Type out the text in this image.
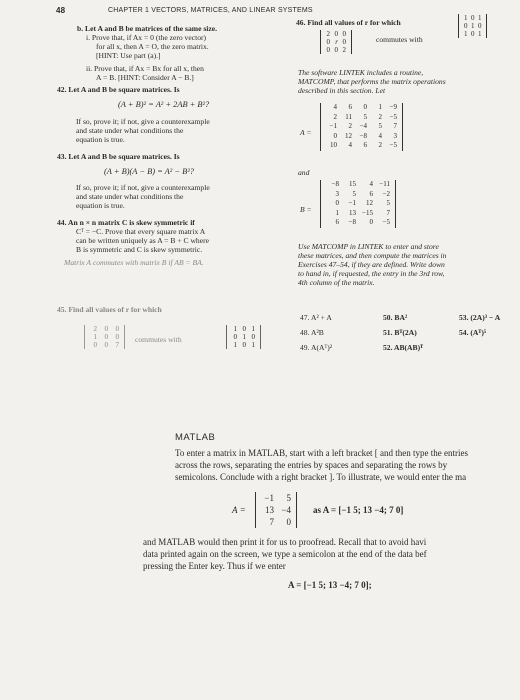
48	CHAPTER 1 VECTORS, MATRICES, AND LINEAR SYSTEMS
b. Let A and B be matrices of the same size.
i. Prove that, if Ax = 0 (the zero vector)
for all x, then A = O, the zero matrix.
[HINT: Use part (a).]
ii. Prove that, if Ax = Bx for all x, then
A = B. [HINT: Consider A − B.]
42. Let A and B be square matrices. Is
(A + B)² = A² + 2AB + B²?
If so, prove it; if not, give a counterexample
and state under what conditions the
equation is true.
43. Let A and B be square matrices. Is
(A + B)(A − B) = A² − B²?
If so, prove it; if not, give a counterexample
and state under what conditions the
equation is true.
44. An n × n matrix C is skew symmetric if
Cᵀ = −C. Prove that every square matrix A
can be written uniquely as A = B + C where
B is symmetric and C is skew symmetric.
Matrix A commutes with matrix B if AB = BA.
45. Find all values of r for which
2	0	0
1	0	0
0	0	7
commutes with
1 0 1
0 1 0
1 0 1
46. Find all values of r for which
2 0 0
0 r 0
0 0 2
commutes with
1 0 1
0 1 0
1 0 1
The software LINTEK includes a routine,
MATCOMP, that performs the matrix operations
described in this section. Let
A =
4	6	0	1	−9
2	11	5	2	−5
−1	2	−4	5	7
0	12	−8	4	3
10	4	6	2	−5
and
B =
−8	15	4 −11
3	5	6	−2
0	−1	12	5
1	13 −15	7
6	−8	0	−5
Use MATCOMP in LINTEK to enter and store
these matrices, and then compute the matrices in
Exercises 47–54, if they are defined. Write down
to hand in, if requested, the entry in the 3rd row,
4th column of the matrix.
47. A² + A
48. A²B
49. A(Aᵀ)²
50. BA²
51. Bᵀ(2A)
52. AB(AB)ᵀ
53. (2A)³ − A
54. (Aᵀ)⁵
MATLAB
To enter a matrix in MATLAB, start with a left bracket [ and then type the entries
across the rows, separating the entries by spaces and separating the rows by
semicolons. Conclude with a right bracket ]. To illustrate, we would enter the ma
A =
−1	5
13 −4
7	0
as A = [−1 5; 13 −4; 7 0]
and MATLAB would then print it for us to proofread. Recall that to avoid havi
data printed again on the screen, we type a semicolon at the end of the data bef
pressing the Enter key. Thus if we enter
A = [−1 5; 13 −4; 7 0];
